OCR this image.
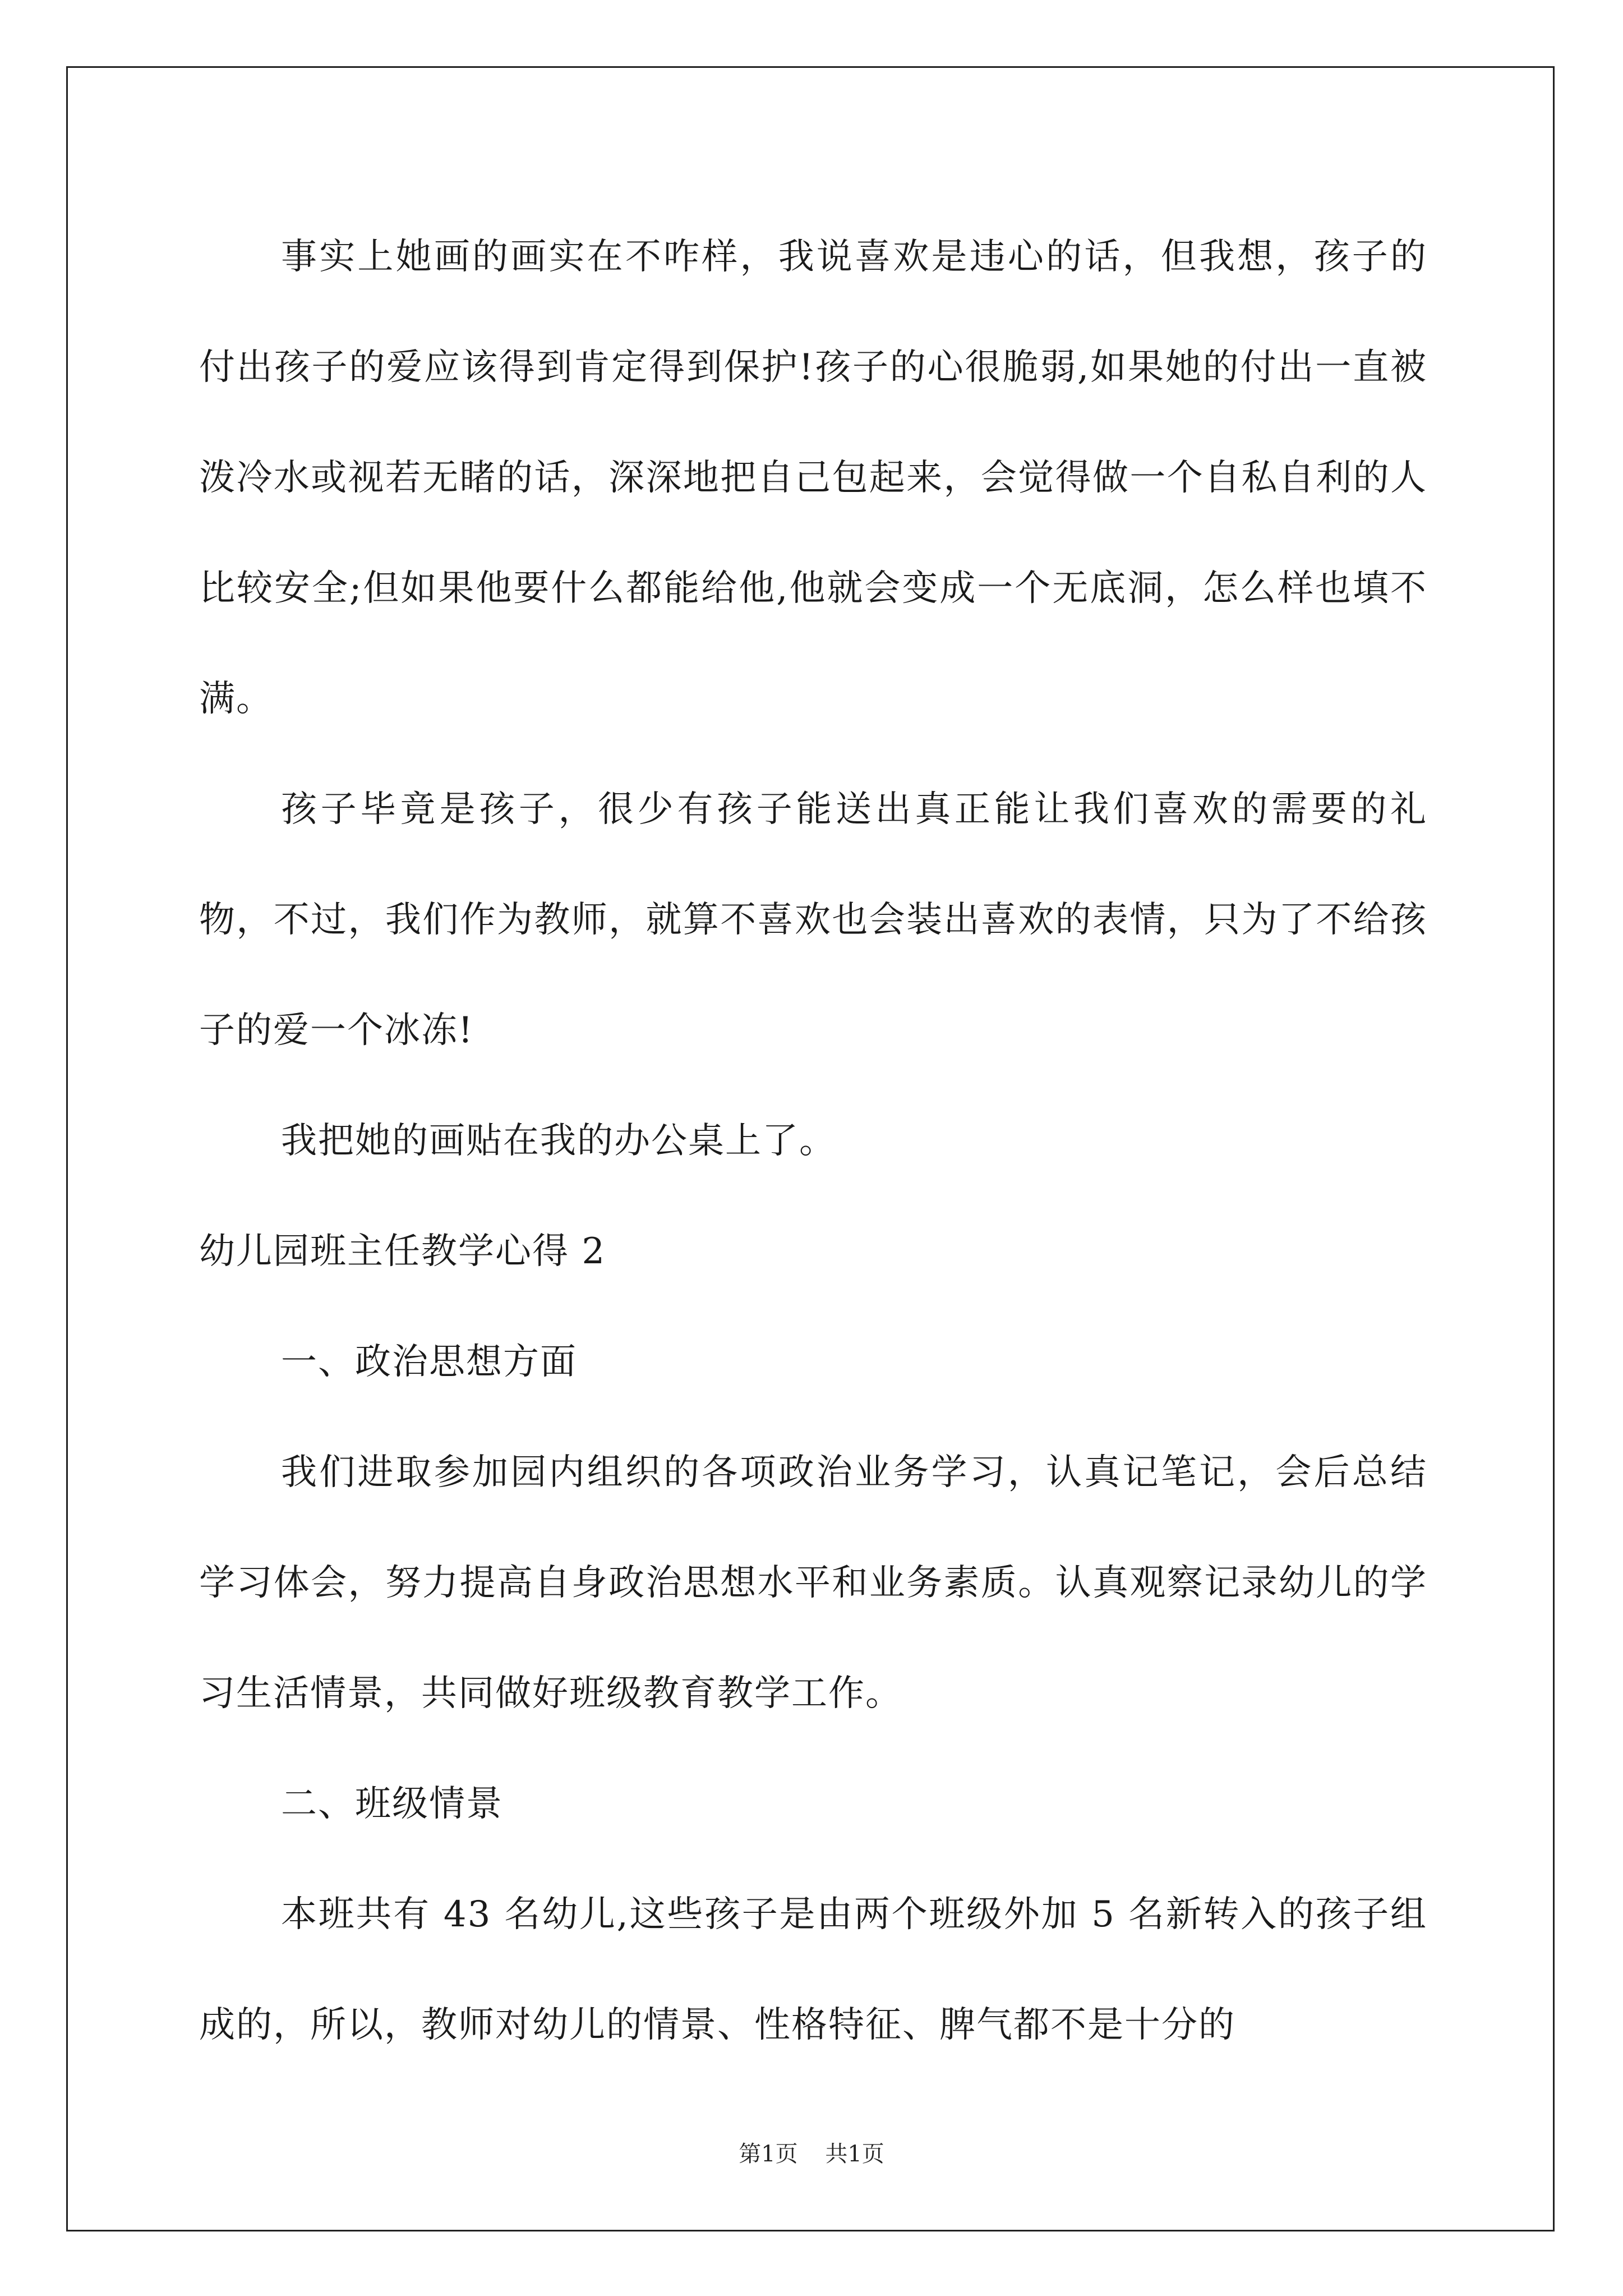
事实上她画的画实在不咋样，我说喜欢是违心的话，但我想，孩子的付出孩子的爱应该得到肯定得到保护!孩子的心很脆弱,如果她的付出一直被泼冷水或视若无睹的话，深深地把自己包起来，会觉得做一个自私自利的人比较安全;但如果他要什么都能给他,他就会变成一个无底洞，怎么样也填不满。

孩子毕竟是孩子，很少有孩子能送出真正能让我们喜欢的需要的礼物，不过，我们作为教师，就算不喜欢也会装出喜欢的表情，只为了不给孩子的爱一个冰冻!

我把她的画贴在我的办公桌上了。

幼儿园班主任教学心得 2

一、政治思想方面

我们进取参加园内组织的各项政治业务学习，认真记笔记，会后总结学习体会，努力提高自身政治思想水平和业务素质。认真观察记录幼儿的学习生活情景，共同做好班级教育教学工作。

二、班级情景

本班共有 43 名幼儿,这些孩子是由两个班级外加 5 名新转入的孩子组成的，所以，教师对幼儿的情景、性格特征、脾气都不是十分的

第1页 共1页
